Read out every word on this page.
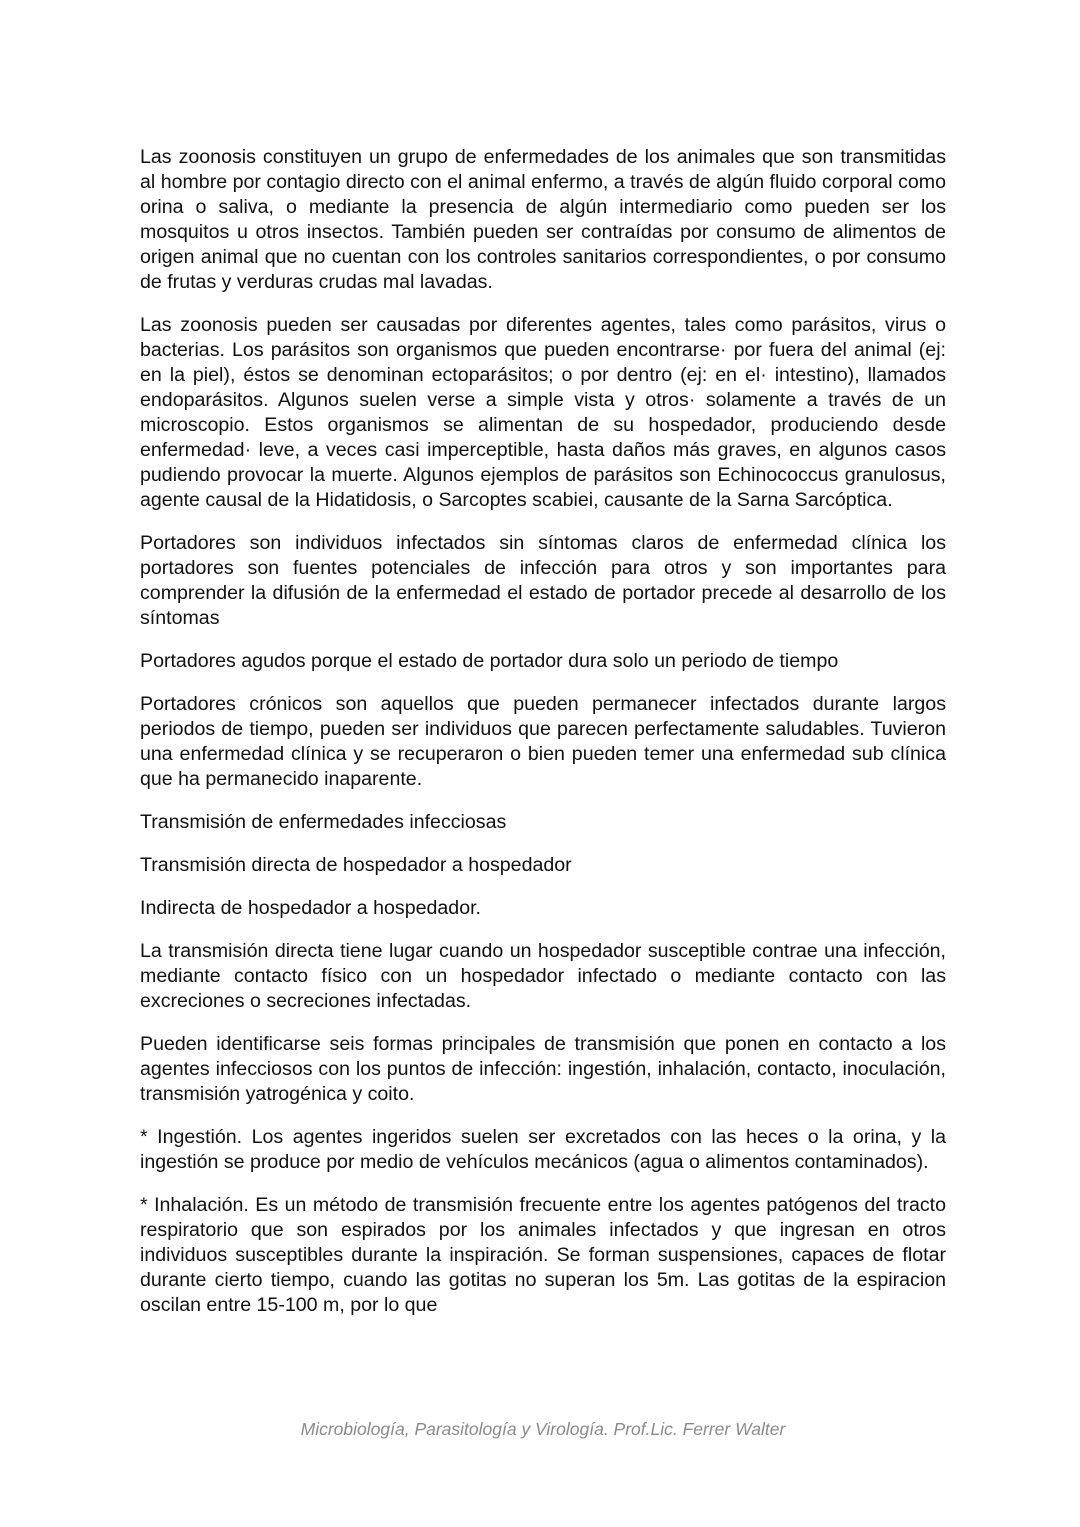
Las zoonosis constituyen un grupo de enfermedades de los animales que son transmitidas al hombre por contagio directo con el animal enfermo, a través de algún fluido corporal como orina o saliva, o mediante la presencia de algún intermediario como pueden ser los mosquitos u otros insectos. También pueden ser contraídas por consumo de alimentos de origen animal que no cuentan con los controles sanitarios correspondientes, o por consumo de frutas y verduras crudas mal lavadas.

Las zoonosis pueden ser causadas por diferentes agentes, tales como parásitos, virus o bacterias. Los parásitos son organismos que pueden encontrarse· por fuera del animal (ej: en la piel), éstos se denominan ectoparásitos; o por dentro (ej: en el· intestino), llamados endoparásitos. Algunos suelen verse a simple vista y otros· solamente a través de un microscopio. Estos organismos se alimentan de su hospedador, produciendo desde enfermedad· leve, a veces casi imperceptible, hasta daños más graves, en algunos casos pudiendo provocar la muerte. Algunos ejemplos de parásitos son Echinococcus granulosus, agente causal de la Hidatidosis, o Sarcoptes scabiei, causante de la Sarna Sarcóptica.

Portadores son individuos infectados sin síntomas claros de enfermedad clínica los portadores son fuentes potenciales de infección para otros y son importantes para comprender la difusión de la enfermedad el estado de portador precede al desarrollo de los síntomas

Portadores agudos porque el estado de portador dura solo un periodo de tiempo

Portadores crónicos son aquellos que pueden permanecer infectados durante largos periodos de tiempo, pueden ser individuos que parecen perfectamente saludables. Tuvieron una enfermedad clínica y se recuperaron o bien pueden temer una enfermedad sub clínica que ha permanecido inaparente.

Transmisión de enfermedades infecciosas

Transmisión directa de hospedador a hospedador

Indirecta de hospedador a hospedador.

La transmisión directa tiene lugar cuando un hospedador susceptible contrae una infección, mediante contacto físico con un hospedador infectado o mediante contacto con las excreciones o secreciones infectadas.

Pueden identificarse seis formas principales de transmisión que ponen en contacto a los agentes infecciosos con los puntos de infección: ingestión, inhalación, contacto, inoculación, transmisión yatrogénica y coito.

* Ingestión. Los agentes ingeridos suelen ser excretados con las heces o la orina, y la ingestión se produce por medio de vehículos mecánicos (agua o alimentos contaminados).

* Inhalación. Es un método de transmisión frecuente entre los agentes patógenos del tracto respiratorio que son espirados por los animales infectados y que ingresan en otros individuos susceptibles durante la inspiración. Se forman suspensiones, capaces de flotar durante cierto tiempo, cuando las gotitas no superan los 5m. Las gotitas de la espiracion oscilan entre 15-100 m, por lo que

Microbiología, Parasitología y Virología. Prof.Lic. Ferrer Walter
